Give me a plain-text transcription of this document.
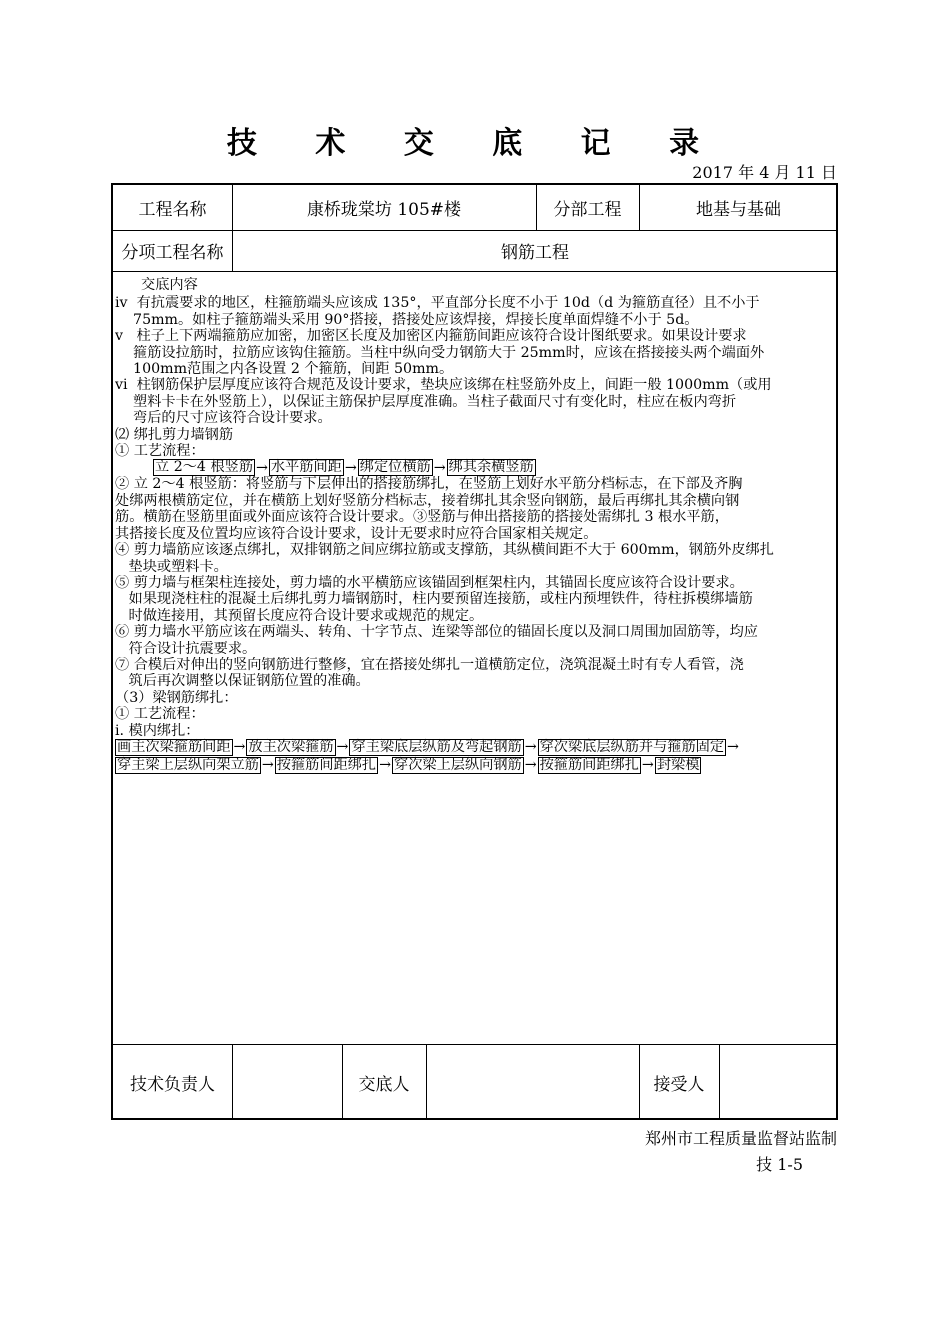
技 术 交 底 记 录
2017 年 4 月 11 日
工程名称	康桥珑棠坊 105#楼	分部工程	地基与基础
分项工程名称	钢筋工程

交底内容

iv  有抗震要求的地区，柱箍筋端头应该成 135°，平直部分长度不小于 10d（d 为箍筋直径）且不小于

75mm。如柱子箍筋端头采用 90°搭接，搭接处应该焊接，焊接长度单面焊缝不小于 5d。

v   柱子上下两端箍筋应加密，加密区长度及加密区内箍筋间距应该符合设计图纸要求。如果设计要求

箍筋设拉筋时，拉筋应该钩住箍筋。当柱中纵向受力钢筋大于 25mm时，应该在搭接接头两个端面外

100mm范围之内各设置 2 个箍筋，间距 50mm。

vi  柱钢筋保护层厚度应该符合规范及设计要求，垫块应该绑在柱竖筋外皮上，间距一般 1000mm（或用

塑料卡卡在外竖筋上），以保证主筋保护层厚度准确。当柱子截面尺寸有变化时，柱应在板内弯折

弯后的尺寸应该符合设计要求。

⑵ 绑扎剪力墙钢筋

① 工艺流程：

立 2～4 根竖筋 → 水平筋间距 → 绑定位横筋 → 绑其余横竖筋

② 立 2～4 根竖筋：将竖筋与下层伸出的搭接筋绑扎，在竖筋上划好水平筋分档标志，在下部及齐胸

处绑两根横筋定位，并在横筋上划好竖筋分档标志，接着绑扎其余竖向钢筋，最后再绑扎其余横向钢

筋。横筋在竖筋里面或外面应该符合设计要求。③竖筋与伸出搭接筋的搭接处需绑扎 3 根水平筋，

其搭接长度及位置均应该符合设计要求，设计无要求时应符合国家相关规定。

④ 剪力墙筋应该逐点绑扎，双排钢筋之间应绑拉筋或支撑筋，其纵横间距不大于 600mm，钢筋外皮绑扎

垫块或塑料卡。

⑤ 剪力墙与框架柱连接处，剪力墙的水平横筋应该锚固到框架柱内，其锚固长度应该符合设计要求。

如果现浇柱柱的混凝土后绑扎剪力墙钢筋时，柱内要预留连接筋，或柱内预埋铁件，待柱拆模绑墙筋

时做连接用，其预留长度应符合设计要求或规范的规定。

⑥ 剪力墙水平筋应该在两端头、转角、十字节点、连梁等部位的锚固长度以及洞口周围加固筋等，均应

符合设计抗震要求。

⑦ 合模后对伸出的竖向钢筋进行整修，宜在搭接处绑扎一道横筋定位，浇筑混凝土时有专人看管，浇

筑后再次调整以保证钢筋位置的准确。

（3）梁钢筋绑扎：

① 工艺流程：

ⅰ. 模内绑扎：

画主次梁箍筋间距 → 放主次梁箍筋 → 穿主梁底层纵筋及弯起钢筋 → 穿次梁底层纵筋并与箍筋固定 →
穿主梁上层纵向架立筋 → 按箍筋间距绑扎 → 穿次梁上层纵向钢筋 → 按箍筋间距绑扎 → 封梁模
技术负责人	交底人	接受人
郑州市工程质量监督站监制
技 1-5
